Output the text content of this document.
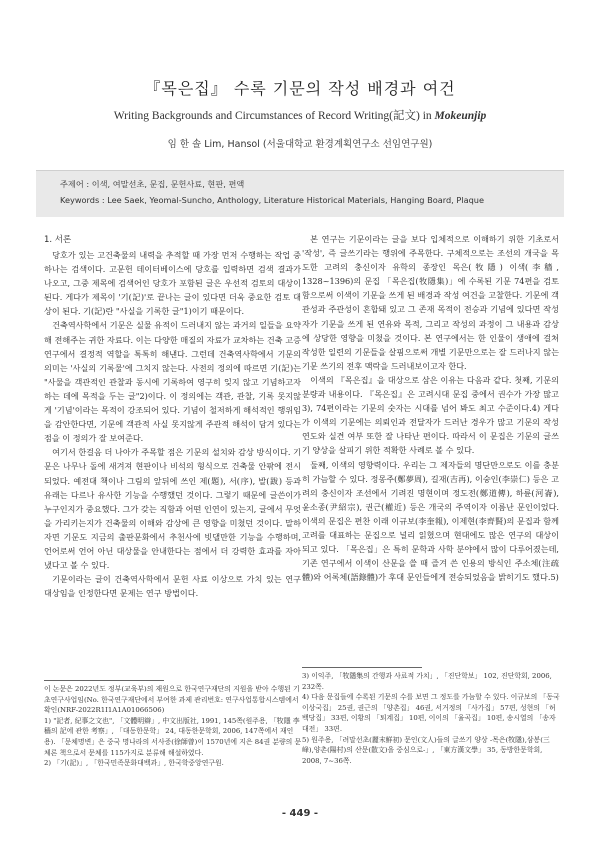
『목은집』 수록 기문의 작성 배경과 여건
Writing Backgrounds and Circumstances of Record Writing(記文) in Mokeunjip
임 한 솔 Lim, Hansol (서울대학교 환경계획연구소 선임연구원)
주제어 : 이색, 여말선초, 문집, 문헌사료, 현판, 편액
Keywords : Lee Saek, Yeomal-Suncho, Anthology, Literature Historical Materials, Hanging Board, Plaque
1. 서론

당호가 있는 고건축물의 내력을 추적할 때 가장 먼저 수행하는 작업 중 하나는 검색이다. 고문헌 데이터베이스에 당호를 입력하면 검색 결과가 나오고, 그중 제목에 검색어인 당호가 포함된 글은 우선적 검토의 대상이 된다. 게다가 제목이 '기(記)'로 끝나는 글이 있다면 더욱 중요한 검토 대상이 된다. 기(記)란 "사실을 기록한 글"1)이기 때문이다.

건축역사학에서 기문은 실물 유적이 드러내지 않는 과거의 일들을 요약해 전해주는 귀한 자료다. 이는 다양한 매질의 자료가 교차하는 건축 고증 연구에서 결정적 역할을 톡톡히 해낸다. 그런데 건축역사학에서 기문의 의미는 '사실의 기록물'에 그치지 않는다. 사전의 정의에 따르면 기(記)는 "사물을 객관적인 관찰과 동시에 기록하여 영구히 잊지 않고 기념하고자 하는 데에 목적을 두는 글"2)이다. 이 정의에는 객관, 관찰, 기록 못지않게 '기념'이라는 목적이 강조되어 있다. 기념이 철저하게 해석적인 행위임을 감안한다면, 기문에 객관적 사실 못지않게 주관적 해석이 담겨 있다는 점을 이 정의가 잘 보여준다.

여기서 한걸음 더 나아가 주목할 점은 기문의 설치와 감상 방식이다. 기문은 나무나 돌에 새겨져 현판이나 비석의 형식으로 건축물 안팎에 전시되었다. 예전대 책이나 그림의 앞뒤에 쓰인 제(題), 서(序), 발(跋) 등과 유래는 다르나 유사한 기능을 수행했던 것이다. 그렇기 때문에 글쓴이가 누구인지가 중요했다. 그가 갖는 직함과 어떤 인연이 있는지, 글에서 무엇을 가리키는지가 건축물의 이해와 감상에 큰 영향을 미쳤던 것이다. 말하자면 기문도 지금의 출판문화에서 추천사에 빗댈만한 기능을 수행하며, 언어로써 언어 아닌 대상물을 안내한다는 점에서 더 강력한 효과를 자아냈다고 볼 수 있다.

기문이라는 글이 건축역사학에서 문헌 사료 이상으로 가치 있는 연구 대상임을 인정한다면 문제는 연구 방법이다.

본 연구는 기문이라는 글을 보다 입체적으로 이해하기 위한 기초로서 '작성', 즉 글쓰기라는 행위에 주목한다. 구체적으로는 조선의 개국을 목도한 고려의 충신이자 유학의 종장인 목은(牧隱) 이색(李穡, 1328~1396)의 문집 「목은집(牧隱集)」에 수록된 기문 74편을 검토함으로써 이색이 기문을 쓰게 된 배경과 작성 여건을 고찰한다. 기문에 객관성과 주관성이 혼합돼 있고 그 존재 목적이 전승과 기념에 있다면 작성자가 기문을 쓰게 된 연유와 목적, 그리고 작성의 과정이 그 내용과 감상에 상당한 영향을 미쳤을 것이다. 본 연구에서는 한 인물이 생애에 걸쳐 작성한 일련의 기문들을 살핌으로써 개별 기문만으로는 잘 드러나지 않는 기문 쓰기의 전후 맥락을 드러내보이고자 한다.

이색의 『목은집』을 대상으로 삼은 이유는 다음과 같다. 첫째, 기문의 분량과 내용이다. 『목은집』은 고려시대 문집 중에서 권수가 가장 많고3), 74편이라는 기문의 숫자는 시대를 넘어 봐도 최고 수준이다.4) 게다가 이색의 기문에는 의뢰인과 전달자가 드러난 경우가 많고 기문의 작성 연도와 실견 여부 또한 잘 나타난 편이다. 따라서 이 문집은 기문의 글쓰기 양상을 살피기 위한 적확한 사례로 볼 수 있다.

둘째, 이색의 영향력이다. 우리는 그 제자들의 명단만으로도 이를 충분히 가늠할 수 있다. 정몽주(鄭夢周), 길재(吉再), 이숭인(李崇仁) 등은 고려의 충신이자 조선에서 기려진 명현이며 정도전(鄭道傳), 하륜(河崙), 윤소종(尹紹宗), 권근(權近) 등은 개국의 주역이자 이름난 문인이었다. 이색의 문집은 편찬 이래 이규보(李奎報), 이제현(李齊賢)의 문집과 함께 고려를 대표하는 문집으로 널리 읽혔으며 현대에도 많은 연구의 대상이 되고 있다. 「목은집」은 특히 문학과 사학 분야에서 많이 다루어졌는데, 기존 연구에서 이색이 산문을 쓸 때 즐겨 쓴 인용의 방식인 주소체(注疏體)와 어록체(語錄體)가 후대 문인들에게 전승되었음을 밝히기도 했다.5)

이 논문은 2022년도 정부(교육부)의 재원으로 한국연구재단의 지원을 받아 수행된 기초연구사업임(No. 한국연구재단에서 부여한 과제 관리번호: 연구사업통합시스템에서 확인(NRF-2022R1I1A1A01066506)
1) "記者, 紀事之文也", 「文體明辯」, 中文出版社, 1991, 145쪽(원주용, 「牧隱 李穡의 記에 관한 考察」, 「대동한문학」 24, 대동한문학회, 2006, 147쪽에서 재인용). 「문체명변」은 중국 명나라의 서사증(徐師曾)이 1570년에 지은 84권 분량의 문체론 책으로서 문체를 115가지로 분류해 해설하였다.
2) 「기(記)」, 「한국민족문화대백과」, 한국학중앙연구원.
3) 이익주, 「牧隱集의 간행과 사료적 가치」, 「진단학보」 102, 진단학회, 2006, 232쪽.
4) 다음 문집들에 수록된 기문의 수를 보면 그 정도를 가늠할 수 있다. 이규보의 「동국이상국집」 25권, 권근의 「양촌집」 46권, 서거정의 「사가집」 57편, 성현의 「허백당집」 33편, 이황의 「퇴계집」 10편, 이이의 「율곡집」 10편, 송시열의 「송자대전」 33편.
5) 원주용, 「려말선초(麗末鮮初) 문인(文人)들의 글쓰기 양상 -목은(牧隱),삼봉(三峰),양촌(陽村)의 산문(散文)을 중심으로-」, 「東方漢文學」 35, 동방한문학회, 2008, 7~36쪽.
- 449 -
